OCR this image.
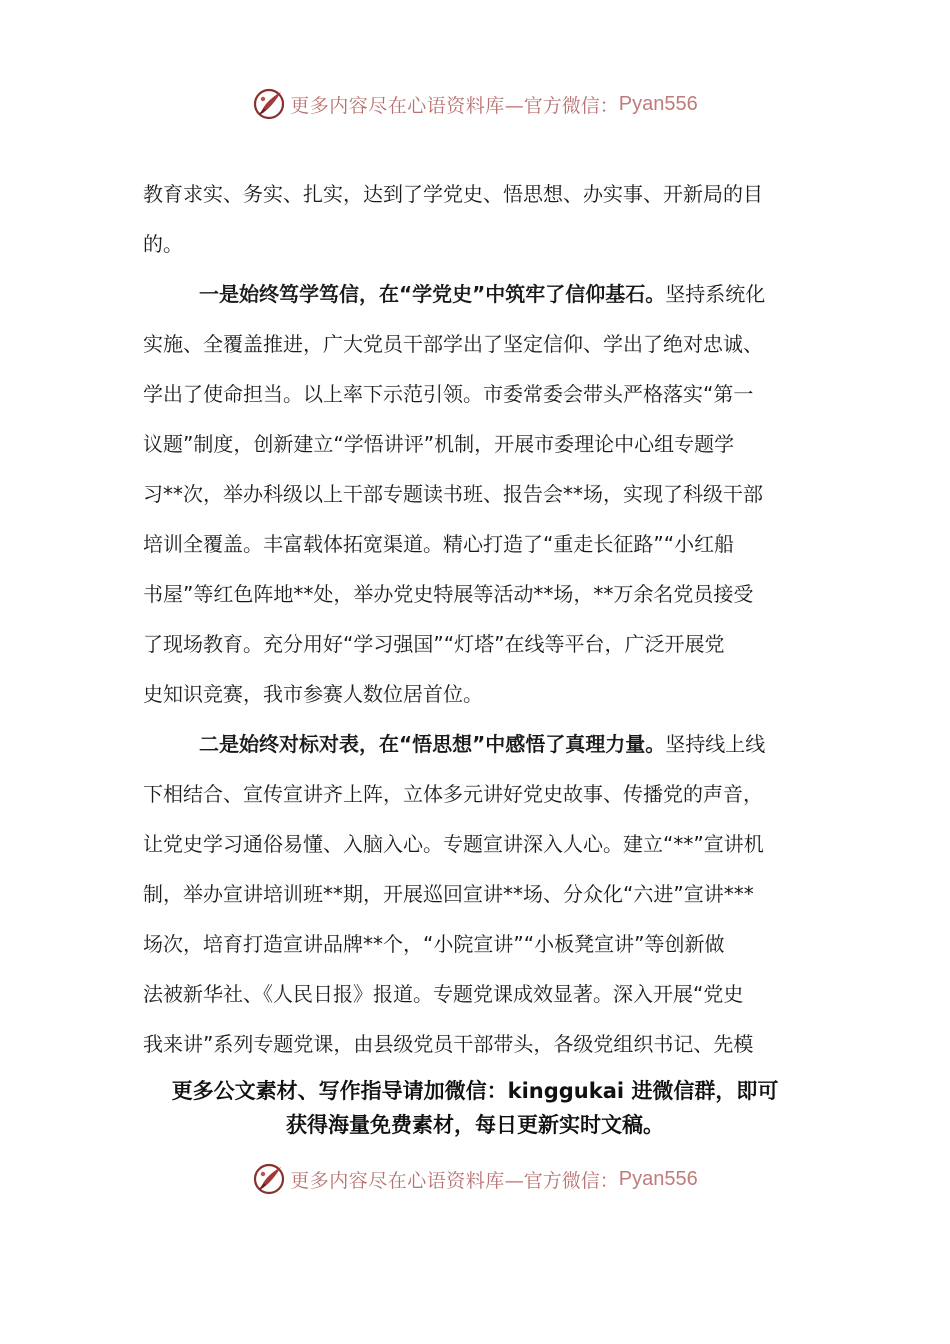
更多内容尽在心语资料库 —官方微信： Pyan556
教育求实、务实、扎实，达到了学党史、悟思想、办实事、开新局的目
的。
一是始终笃学笃信，在“学党史”中筑牢了信仰基石。坚持系统化
实施、全覆盖推进，广大党员干部学出了坚定信仰、学出了绝对忠诚、
学出了使命担当。以上率下示范引领。市委常委会带头严格落实“第一
议题”制度，创新建立“学悟讲评”机制，开展市委理论中心组专题学
习**次，举办科级以上干部专题读书班、报告会**场，实现了科级干部
培训全覆盖。丰富载体拓宽渠道。精心打造了“重走长征路”“小红船
书屋”等红色阵地**处，举办党史特展等活动**场，**万余名党员接受
了现场教育。充分用好“学习强国”“灯塔”在线等平台，广泛开展党
史知识竞赛，我市参赛人数位居首位。
二是始终对标对表，在“悟思想”中感悟了真理力量。坚持线上线
下相结合、宣传宣讲齐上阵，立体多元讲好党史故事、传播党的声音，
让党史学习通俗易懂、入脑入心。专题宣讲深入人心。建立“**”宣讲机
制，举办宣讲培训班**期，开展巡回宣讲**场、分众化“六进”宣讲***
场次，培育打造宣讲品牌**个，“小院宣讲”“小板凳宣讲”等创新做
法被新华社、《人民日报》报道。专题党课成效显著。深入开展“党史
我来讲”系列专题党课，由县级党员干部带头，各级党组织书记、先模
更多公文素材、写作指导请加微信：kinggukai 进微信群，即可
获得海量免费素材，每日更新实时文稿。
更多内容尽在心语资料库 —官方微信： Pyan556
